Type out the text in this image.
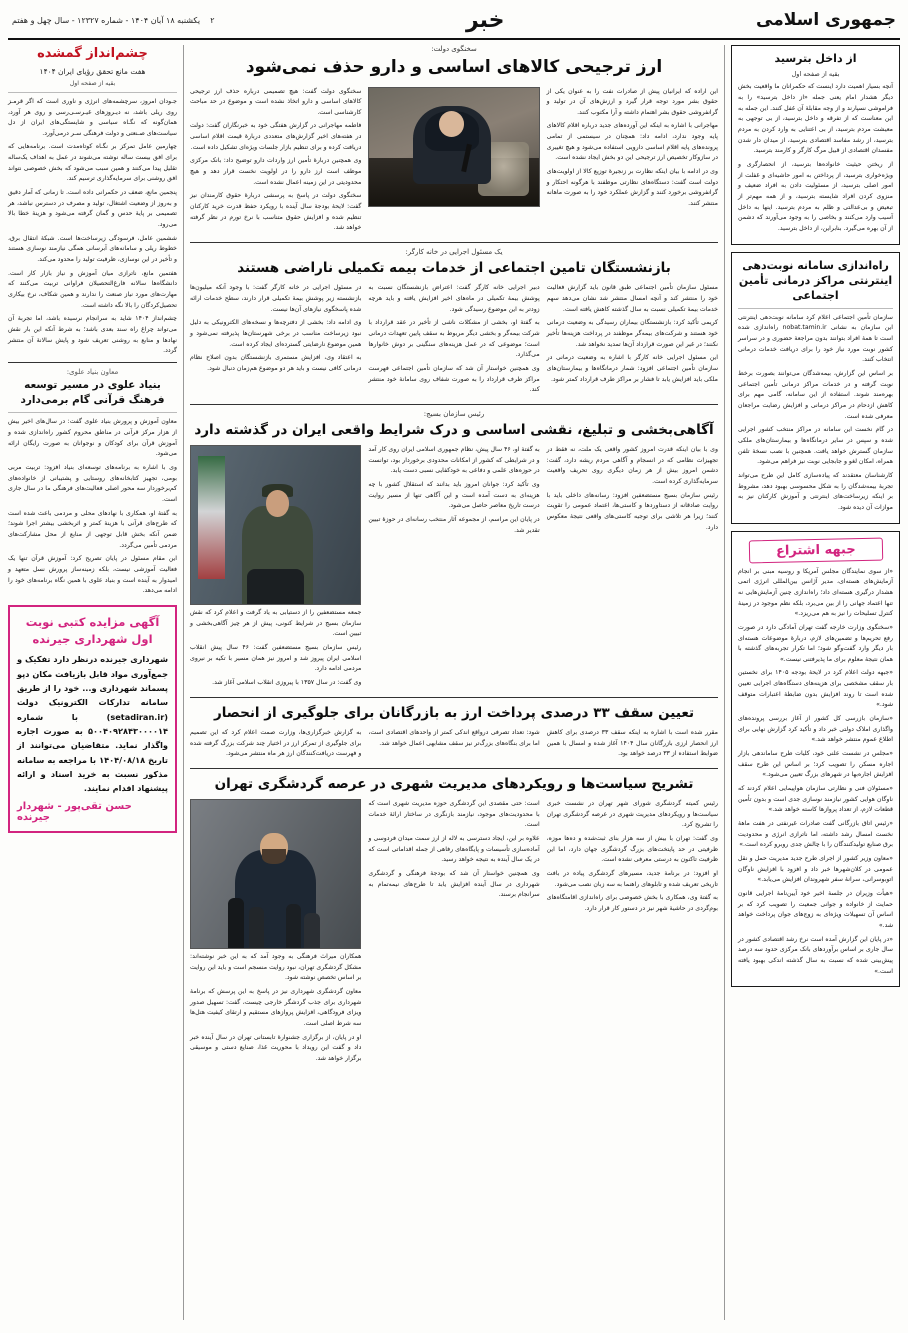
جمهوری اسلامی
خبر
۲    یکشنبه ۱۸ آبان ۱۴۰۴ - شماره ۱۲۳۲۷ - سال چهل و هفتم
از داخل بترسید
بقیه از صفحه اول

آنچه بسیار اهمیت دارد اینست که حکمرانان ما واقعیت بخش دیگر هشدار امام یعنی جمله «از داخل بترسید» را به فراموشی نسپارند و از وجه مقابلهٔ آن غفل کنند. این جمله به این معناست که از تفرقه و داخل بترسید، از بی توجهی به معیشت مردم بترسید، از بی اعتنایی به وارد کردن به مردم بترسید، از رشد مفاسد اقتصادی بترسید، از میدان دار شدن مفسدان اقتصادی از قبیل مرگ کارگر و کارمند بترسید.

از ریختن حیثیت خانواده‌ها بترسید، از انحصارگری و ویژه‌خواری بترسید، از پرداختن به امور حاشیه‌ای و غفلت از امور اصلی بترسید، از مسئولیت دادن به افراد ضعیف و منزوی کردن افراد شایسته بترسید، و از همه مهم‌تر از تبعیض و بی‌عدالتی و ظلم به مردم بترسید. اینها به داخل آسیب وارد می‌کنند و بخاصی را به وجود می‌آورند که دشمن از آن بهره می‌گیرد. بنابراین، از داخل بترسید.

راه‌اندازی سامانه نوبت‌دهی اینترنتی مراکز درمانی تأمین اجتماعی

سازمان تأمین اجتماعی اعلام کرد سامانه نوبت‌دهی اینترنتی این سازمان به نشانی nobat.tamin.ir راه‌اندازی شده است تا همهٔ افراد بتوانند بدون مراجعهٔ حضوری و در سراسر کشور نوبت مورد نیاز خود را برای دریافت خدمات درمانی انتخاب کنند.

بر اساس این گزارش، بیمه‌شدگان می‌توانند بصورت برخط نوبت گرفته و در خدمات مراکز درمانی تأمین اجتماعی بهره‌مند شوند. استفاده از این سامانه، گامی مهم برای کاهش ازدحام در مراکز درمانی و افزایش رضایت مراجعان معرفی شده است.

در گام نخست این سامانه در مراکز منتخب کشور اجرایی شده و سپس در سایر درمانگاه‌ها و بیمارستان‌های ملکی سازمان گسترش خواهد یافت. همچنین با نصب نسخهٔ تلفن همراه، امکان لغو و جابجایی نوبت نیز فراهم می‌شود.

کارشناسان معتقدند که پیاده‌سازی کامل این طرح می‌تواند تجربهٔ بیمه‌شدگان را به شکل محسوسی بهبود دهد، مشروط بر اینکه زیرساخت‌های اینترنتی و آموزش کارکنان نیز به موازات آن دیده شود.

جبهه اشتراع

«از سوی نمایندگان مجلس آمریکا و روسیه مبنی بر انجام آزمایش‌های هسته‌ای، مدیر آژانس بین‌المللی انرژی اتمی هشدار درگیری هسته‌ای داد؛ راه‌اندازی چنین آزمایش‌هایی نه تنها اعتماد جهانی را از بین می‌برد، بلکه نظم موجود در زمینهٔ کنترل تسلیحات را نیز به هم می‌ریزد.»

«سخنگوی وزارت خارجه گفت تهران آمادگی دارد در صورت رفع تحریم‌ها و تضمین‌های لازم، دربارهٔ موضوعات هسته‌ای بار دیگر وارد گفت‌وگو شود؛ اما تکرار تجربه‌های گذشته با همان نتیجهٔ معلوم برای ما پذیرفتنی نیست.»

«جبهه دولت اعلام کرد در لایحهٔ بودجه ۱۴۰۵ برای نخستین بار سقف مشخصی برای هزینه‌های دستگاه‌های اجرایی تعیین شده است تا روند افزایش بدون ضابطهٔ اعتبارات متوقف شود.»

«سازمان بازرسی کل کشور از آغاز بررسی پرونده‌های واگذاری املاک دولتی خبر داد و تأکید کرد گزارش نهایی برای اطلاع عموم منتشر خواهد شد.»

«مجلس در نشست علنی خود، کلیات طرح ساماندهی بازار اجاره مسکن را تصویب کرد؛ بر اساس این طرح سقف افزایش اجاره‌بها در شهرهای بزرگ تعیین می‌شود.»

«مسئولان فنی و نظارتی سازمان هواپیمایی اعلام کردند که ناوگان هوایی کشور نیازمند نوسازی جدی است و بدون تأمین قطعات لازم، از تعداد پروازها کاسته خواهد شد.»

«رئیس اتاق بازرگانی گفت صادرات غیرنفتی در هفت ماههٔ نخست امسال رشد داشته، اما ناترازی انرژی و محدودیت برق صنایع تولیدکنندگان را با چالش جدی روبرو کرده است.»

«معاون وزیر کشور از اجرای طرح جدید مدیریت حمل و نقل عمومی در کلان‌شهرها خبر داد و افزود با افزایش ناوگان اتوبوسرانی، سرانهٔ سفر شهروندان افزایش می‌یابد.»

«هیأت وزیران در جلسهٔ اخیر خود آیین‌نامهٔ اجرایی قانون حمایت از خانواده و جوانی جمعیت را تصویب کرد که بر اساس آن تسهیلات ویژه‌ای به زوج‌های جوان پرداخت خواهد شد.»

«در پایان این گزارش آمده است نرخ رشد اقتصادی کشور در سال جاری بر اساس برآوردهای بانک مرکزی حدود سه درصد پیش‌بینی شده که نسبت به سال گذشته اندکی بهبود یافته است.»

سخنگوی دولت:
ارز ترجیحی کالاهای اساسی و دارو حذف نمی‌شود

این اراده که ایرانیان پیش از صادرات نفت را به عنوان یکی از حقوق بشر مورد توجه قرار گیرد و ارزش‌های آن در تولید و گرانفروشی حقوق بشر اهتمام داشته و آرا مکتوب کنند.

مهاجرانی با اشاره به اینکه این آورده‌های جدید درباره اقلام کالاهای پایه وجود ندارد، ادامه داد: همچنان در سیستمی از تمامی پرونده‌های پایه اقلام اساسی دارویی استفاده می‌شود و هیچ تغییری در سازوکار تخصیص ارز ترجیحی این دو بخش ایجاد نشده است.

وی در ادامه با بیان اینکه نظارت بر زنجیرهٔ توزیع کالا از اولویت‌های دولت است گفت: دستگاه‌های نظارتی موظفند با هرگونه احتکار و گرانفروشی برخورد کنند و گزارش عملکرد خود را به صورت ماهانه منتشر کنند.

سخنگوی دولت گفت: هیچ تصمیمی درباره حذف ارز ترجیحی کالاهای اساسی و دارو اتخاذ نشده است و موضوع در حد مباحث کارشناسی است.

فاطمه مهاجرانی در گزارش هفتگی خود به خبرنگاران گفت: دولت در هفته‌های اخیر گزارش‌های متعددی دربارهٔ قیمت اقلام اساسی دریافت کرده و برای تنظیم بازار جلسات ویژه‌ای تشکیل داده است.

وی همچنین دربارهٔ تأمین ارز واردات دارو توضیح داد: بانک مرکزی موظف است ارز دارو را در اولویت نخست قرار دهد و هیچ محدودیتی در این زمینه اعمال نشده است.

سخنگوی دولت در پاسخ به پرسشی دربارهٔ حقوق کارمندان نیز گفت: لایحهٔ بودجهٔ سال آینده با رویکرد حفظ قدرت خرید کارکنان تنظیم شده و افزایش حقوق متناسب با نرخ تورم در نظر گرفته خواهد شد.

یک مسئول اجرایی در خانه کارگر:
بازنشستگان تامین اجتماعی از خدمات بیمه تکمیلی ناراضی هستند

مسئول سازمان تأمین اجتماعی طبق قانون باید گزارش فعالیت خود را منتشر کند و آنچه امسال منتشر شد نشان می‌دهد سهم خدمات بیمهٔ تکمیلی نسبت به سال گذشته کاهش یافته است.

کریمی تأکید کرد: بازنشستگان بیماران رسیدگی به وضعیت درمانی خود هستند و شرکت‌های بیمه‌گر موظفند در پرداخت هزینه‌ها تأخیر نکنند؛ در غیر این صورت قرارداد آن‌ها تمدید نخواهد شد.

این مسئول اجرایی خانه کارگر با اشاره به وضعیت درمانی در سازمان تأمین اجتماعی افزود: شمار درمانگاه‌ها و بیمارستان‌های ملکی باید افزایش یابد تا فشار بر مراکز طرف قرارداد کمتر شود.

دبیر اجرایی خانه کارگر گفت: اعتراض بازنشستگان نسبت به پوشش بیمهٔ تکمیلی در ماه‌های اخیر افزایش یافته و باید هرچه زودتر به این موضوع رسیدگی شود.

به گفتهٔ او، بخشی از مشکلات ناشی از تأخیر در عقد قرارداد با شرکت بیمه‌گر و بخشی دیگر مربوط به سقف پایین تعهدات درمانی است؛ موضوعی که در عمل هزینه‌های سنگینی بر دوش خانوارها می‌گذارد.

وی همچنین خواستار آن شد که سازمان تأمین اجتماعی فهرست مراکز طرف قرارداد را به صورت شفاف روی سامانهٔ خود منتشر کند.

در مسئول اجرایی در خانه کارگر گفت: با وجود آنکه میلیون‌ها بازنشسته زیر پوشش بیمهٔ تکمیلی قرار دارند، سطح خدمات ارائه شده پاسخگوی نیازهای آن‌ها نیست.

وی ادامه داد: بخشی از دفترچه‌ها و نسخه‌های الکترونیکی به دلیل نبود زیرساخت مناسب در برخی شهرستان‌ها پذیرفته نمی‌شود و همین موضوع نارضایتی گسترده‌ای ایجاد کرده است.

به اعتقاد وی، افزایش مستمری بازنشستگان بدون اصلاح نظام درمانی کافی نیست و باید هر دو موضوع هم‌زمان دنبال شود.

رئیس سازمان بسیج:
آگاهی‌بخشی و تبلیغ، نقشی اساسی و درک شرایط واقعی ایران در گذشته دارد

وی با بیان اینکه قدرت امروز کشور واقعی یک ملت، نه فقط در تجهیزات نظامی که در انسجام و آگاهی مردم ریشه دارد، گفت: دشمن امروز بیش از هر زمان دیگری روی تحریف واقعیت سرمایه‌گذاری کرده است.

رئیس سازمان بسیج مستضعفین افزود: رسانه‌های داخلی باید با روایت صادقانه از دستاوردها و کاستی‌ها، اعتماد عمومی را تقویت کنند؛ زیرا هر تلاشی برای توجیه کاستی‌های واقعی نتیجهٔ معکوس دارد.

به گفتهٔ او، ۴۶ سال پیش، نظام جمهوری اسلامی ایران روی کار آمد و در شرایطی که کشور از امکانات محدودی برخوردار بود، توانست در حوزه‌های علمی و دفاعی به خودکفایی نسبی دست یابد.

وی تأکید کرد: جوانان امروز باید بدانند که استقلال کشور با چه هزینه‌ای به دست آمده است و این آگاهی تنها از مسیر روایت درست تاریخ معاصر حاصل می‌شود.

در پایان این مراسم، از مجموعه آثار منتخب رسانه‌ای در حوزهٔ تبیین تقدیر شد.

جمعه مستضعفین را از دستیابی به یاد گرفت و اعلام کرد که نقش سازمان بسیج در شرایط کنونی، پیش از هر چیز آگاهی‌بخشی و تبیین است.

رئیس سازمان بسیج مستضعفین گفت: ۴۶ سال پیش انقلاب اسلامی ایران پیروز شد و امروز نیز همان مسیر با تکیه بر نیروی مردمی ادامه دارد.

وی گفت: در سال ۱۳۵۷ با پیروزی انقلاب اسلامی آغاز شد.

تعیین سقف ۳۳ درصدی پرداخت ارز به بازرگانان برای جلوگیری از انحصار

مقرر شده است با اشاره به اینکه سقف ۳۳ درصدی برای کاهش ارز انحصار ارزی بازرگانان سال ۱۴۰۴ آغاز شده و امسال با همین ضوابط استفاده از ۳۳ درصد خواهد بود.

شود: تعداد تصرفی درواقع اندکی کمتر از واحدهای اقتصادی است، اما برای بنگاه‌های بزرگ‌تر نیز سقف مشابهی اعمال خواهد شد.

به گزارش خبرگزاری‌ها، وزارت صمت اعلام کرد که این تصمیم برای جلوگیری از تمرکز ارز در اختیار چند شرکت بزرگ گرفته شده و فهرست دریافت‌کنندگان ارز هر ماه منتشر می‌شود.

تشریح سیاست‌ها و رویکردهای مدیریت شهری در عرصه گردشگری تهران

رئیس کمیته گردشگری شورای شهر تهران در نشست خبری سیاست‌ها و رویکردهای مدیریت شهری در عرصه گردشگری تهران را تشریح کرد.

وی گفت: تهران با بیش از سه هزار بنای ثبت‌شده و ده‌ها موزه، ظرفیتی در حد پایتخت‌های بزرگ گردشگری جهان دارد، اما این ظرفیت تاکنون به درستی معرفی نشده است.

او افزود: در برنامهٔ جدید، مسیرهای گردشگری پیاده در بافت تاریخی تعریف شده و تابلوهای راهنما به سه زبان نصب می‌شود.

به گفتهٔ وی، همکاری با بخش خصوصی برای راه‌اندازی اقامتگاه‌های بوم‌گردی در حاشیهٔ شهر نیز در دستور کار قرار دارد.

است: حتی مقصدی این گردشگری حوزه مدیریت شهری است که با محدودیت‌های موجود، نیازمند بازنگری در ساختار ارائهٔ خدمات است.

علاوه بر این، ایجاد دسترسی به لاله از ارز سمت میدان فردوسی و آماده‌سازی تأسیسات و پایگاه‌های رفاهی از جمله اقداماتی است که در یک سال آینده به نتیجه خواهد رسید.

وی همچنین خواستار آن شد که بودجهٔ فرهنگی و گردشگری شهرداری در سال آینده افزایش یابد تا طرح‌های نیمه‌تمام به سرانجام برسند.

همکاران میراث فرهنگی به وجود آمد که به این خبر نوشته‌اند: مشکل گردشگری تهران، نبود روایت منسجم است و باید این روایت بر اساس تخصص نوشته شود.

معاون گردشگری شهرداری نیز در پاسخ به این پرسش که برنامهٔ شهرداری برای جذب گردشگر خارجی چیست، گفت: تسهیل صدور ویزای فرودگاهی، افزایش پروازهای مستقیم و ارتقای کیفیت هتل‌ها سه شرط اصلی است.

او در پایان، از برگزاری جشنوارهٔ تابستانی تهران در سال آینده خبر داد و گفت این رویداد با محوریت غذا، صنایع دستی و موسیقی برگزار خواهد شد.

چشم‌انداز گمشده
هفت مانع تحقق رؤیای ایران ۱۴۰۴
بقیه از صفحه اول

جـودان امروز، سرچشمه‌های انرژی و ناوری است که اگر قرمـز روی ریلی باشد، نه دیـروزهای غیـرسـی‌رسی و روی هر آورد، همان‌گونه که نگـاه سیاسی و شایستگی‌های ایران از دل سیاست‌های صـنعتی و دولت فرهنگی سـر درمی‌آورد.

چهارمین عامل تمرکز بر نگـاه کوتاه‌مدت است. برنامه‌هایی که برای افق بیست ساله نوشته می‌شوند در عمل به اهداف یک‌ساله تقلیل پیدا می‌کنند و همین سبب می‌شود که بخش خصوصی نتواند افق روشنی برای سرمایه‌گذاری ترسیم کند.

پنجمین مانع، ضعف در حکمرانی داده است. تا زمانی که آمار دقیق و به‌روز از وضعیت اشتغال، تولید و مصرف در دسترس نباشد، هر تصمیمی بر پایهٔ حدس و گمان گرفته می‌شود و هزینهٔ خطا بالا می‌رود.

ششمین عامل، فرسودگی زیرساخت‌ها است. شبکهٔ انتقال برق، خطوط ریلی و سامانه‌های آبرسانی همگی نیازمند نوسازی هستند و تأخیر در این نوسازی، ظرفیت تولید را محدود می‌کند.

هفتمین مانع، ناترازی میان آموزش و نیاز بازار کار است. دانشگاه‌ها سالانه فارغ‌التحصیلان فراوانی تربیت می‌کنند که مهارت‌های مورد نیاز صنعت را ندارند و همین شکاف، نرخ بیکاری تحصیل‌کردگان را بالا نگه داشته است.

چشم‌انداز ۱۴۰۴ شاید به سرانجام نرسیده باشد، اما تجربهٔ آن می‌تواند چراغ راه سند بعدی باشد؛ به شرط آنکه این بار نقش نهادها و منابع به روشنی تعریف شود و پایش سالانهٔ آن منتشر گردد.

معاون بنیاد علوی:
بنیاد علوی در مسیر توسعه فرهنگ قرآنی گام برمی‌دارد

معاون آموزش و پرورش بنیاد علوی گفت: در سال‌های اخیر بیش از هزار مرکز قرآنی در مناطق محروم کشور راه‌اندازی شده و آموزش قرآن برای کودکان و نوجوانان به صورت رایگان ارائه می‌شود.

وی با اشاره به برنامه‌های توسعه‌ای بنیاد افزود: تربیت مربی بومی، تجهیز کتابخانه‌های روستایی و پشتیبانی از خانواده‌های کم‌برخوردار سه محور اصلی فعالیت‌های فرهنگی ما در سال جاری است.

به گفتهٔ او، همکاری با نهادهای محلی و مردمی باعث شده است که طرح‌های قرآنی با هزینهٔ کمتر و اثربخشی بیشتر اجرا شوند؛ ضمن آنکه بخش قابل توجهی از منابع از محل مشارکت‌های مردمی تأمین می‌گردد.

این مقام مسئول در پایان تصریح کرد: آموزش قرآن تنها یک فعالیت آموزشی نیست، بلکه زمینه‌ساز پرورش نسل متعهد و امیدوار به آینده است و بنیاد علوی با همین نگاه برنامه‌های خود را ادامه می‌دهد.

آگهی مزایده کتبی نوبت اول شهرداری جیرنده
شهرداری جیرنده درنظر دارد تفکیک و جمع‌آوری مواد قابل بازیافت مکان دپو پسماند شهرداری و... خود را از طریق سامانه تدارکات الکترونیک دولت (setadiran.ir) با شماره ۵۰۰۴۰۹۲۸۴۳۰۰۰۰۱۴ به صورت اجاره واگذار نماید. متقاضیان می‌توانند از تاریخ ۱۴۰۴/۰۸/۱۸ با مراجعه به سامانه مذکور نسبت به خرید اسناد و ارائه پیشنهاد اقدام نمایند.
حسن تقی‌پور - شهردار جیرنده
